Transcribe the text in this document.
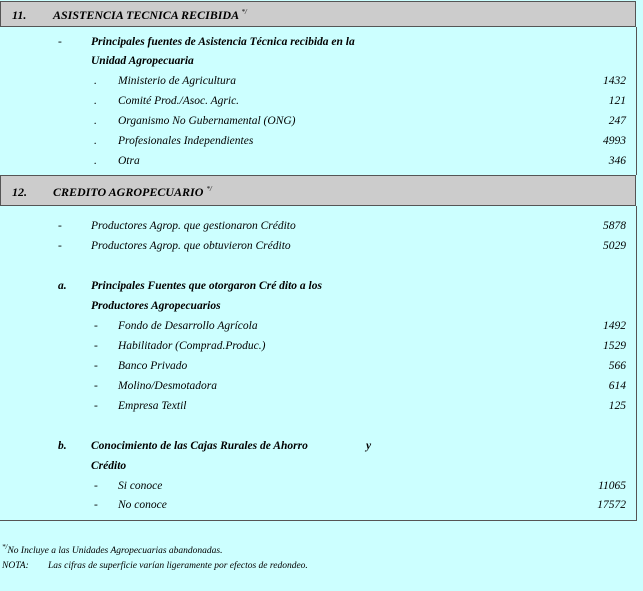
11. ASISTENCIA TECNICA RECIBIDA */
-	Principales fuentes de Asistencia Técnica recibida en la
Unidad Agropecuaria
. Ministerio de Agricultura	1432
. Comité Prod./Asoc. Agric.	121
. Organismo No Gubernamental (ONG)	247
. Profesionales Independientes	4993
. Otra	346
12. CREDITO AGROPECUARIO */
-	Productores Agrop. que gestionaron Crédito	5878
-	Productores Agrop. que obtuvieron Crédito	5029
a. Principales Fuentes que otorgaron Cré dito a los
Productores Agropecuarios
- Fondo de Desarrollo Agrícola	1492
- Habilitador (Comprad.Produc.)	1529
- Banco Privado	566
- Molino/Desmotadora	614
- Empresa Textil	125
b. Conocimiento de las Cajas Rurales de Ahorro	y
Crédito
- Si conoce	11065
- No conoce	17572
*/No Incluye a las Unidades Agropecuarias abandonadas.
NOTA: Las cifras de superficie varían ligeramente por efectos de redondeo.
